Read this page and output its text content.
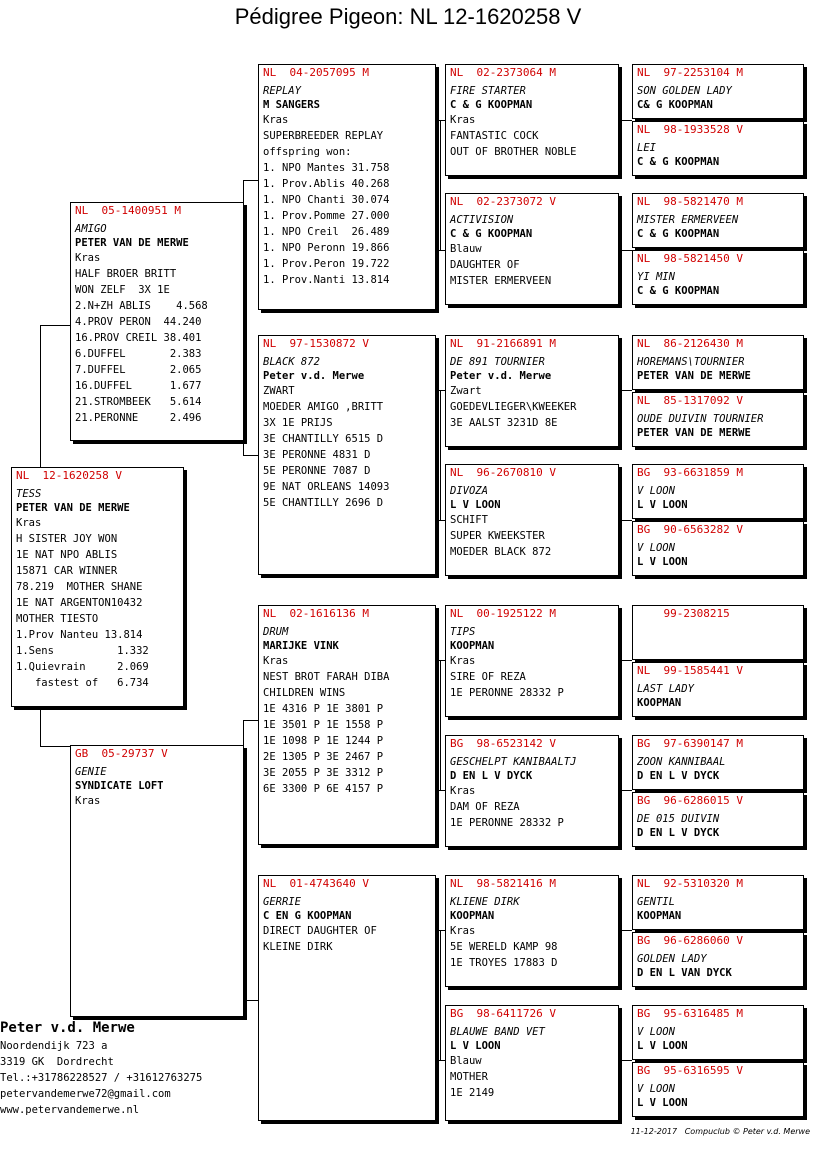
Pédigree Pigeon: NL 12-1620258 V
NL  12-1620258 V
TESS
PETER VAN DE MERWE
Kras
H SISTER JOY WON
1E NAT NPO ABLIS
15871 CAR WINNER
78.219  MOTHER SHANE
1E NAT ARGENTON10432
MOTHER TIESTO
1.Prov Nanteu 13.814
1.Sens          1.332
1.Quievrain     2.069
fastest of   6.734
NL  05-1400951 M
AMIGO
PETER VAN DE MERWE
Kras
HALF BROER BRITT
WON ZELF  3X 1E
2.N+ZH ABLIS    4.568
4.PROV PERON  44.240
16.PROV CREIL 38.401
6.DUFFEL       2.383
7.DUFFEL       2.065
16.DUFFEL      1.677
21.STROMBEEK   5.614
21.PERONNE     2.496
GB  05-29737 V
GENIE
SYNDICATE LOFT
Kras
NL  04-2057095 M
REPLAY
M SANGERS
Kras
SUPERBREEDER REPLAY
offspring won:
1. NPO Mantes 31.758
1. Prov.Ablis 40.268
1. NPO Chanti 30.074
1. Prov.Pomme 27.000
1. NPO Creil  26.489
1. NPO Peronn 19.866
1. Prov.Peron 19.722
1. Prov.Nanti 13.814
NL  97-1530872 V
BLACK 872
Peter v.d. Merwe
ZWART
MOEDER AMIGO ,BRITT
3X 1E PRIJS
3E CHANTILLY 6515 D
3E PERONNE 4831 D
5E PERONNE 7087 D
9E NAT ORLEANS 14093
5E CHANTILLY 2696 D
NL  02-1616136 M
DRUM
MARIJKE VINK
Kras
NEST BROT FARAH DIBA
CHILDREN WINS
1E 4316 P 1E 3801 P
1E 3501 P 1E 1558 P
1E 1098 P 1E 1244 P
2E 1305 P 3E 2467 P
3E 2055 P 3E 3312 P
6E 3300 P 6E 4157 P
NL  01-4743640 V
GERRIE
C EN G KOOPMAN
DIRECT DAUGHTER OF
KLEINE DIRK
NL  02-2373064 M
FIRE STARTER
C & G KOOPMAN
Kras
FANTASTIC COCK
OUT OF BROTHER NOBLE
NL  02-2373072 V
ACTIVISION
C & G KOOPMAN
Blauw
DAUGHTER OF
MISTER ERMERVEEN
NL  91-2166891 M
DE 891 TOURNIER
Peter v.d. Merwe
Zwart
GOEDEVLIEGER\KWEEKER
3E AALST 3231D 8E
NL  96-2670810 V
DIVOZA
L V LOON
SCHIFT
SUPER KWEEKSTER
MOEDER BLACK 872
NL  00-1925122 M
TIPS
KOOPMAN
Kras
SIRE OF REZA
1E PERONNE 28332 P
BG  98-6523142 V
GESCHELPT KANIBAALTJ
D EN L V DYCK
Kras
DAM OF REZA
1E PERONNE 28332 P
NL  98-5821416 M
KLIENE DIRK
KOOPMAN
Kras
5E WERELD KAMP 98
1E TROYES 17883 D
BG  98-6411726 V
BLAUWE BAND VET
L V LOON
Blauw
MOTHER
1E 2149
NL  97-2253104 M
SON GOLDEN LADY
C& G KOOPMAN
NL  98-1933528 V
LEI
C & G KOOPMAN
NL  98-5821470 M
MISTER ERMERVEEN
C & G KOOPMAN
NL  98-5821450 V
YI MIN
C & G KOOPMAN
NL  86-2126430 M
HOREMANS\TOURNIER
PETER VAN DE MERWE
NL  85-1317092 V
OUDE DUIVIN TOURNIER
PETER VAN DE MERWE
BG  93-6631859 M
V LOON
L V LOON
BG  90-6563282 V
V LOON
L V LOON
99-2308215
NL  99-1585441 V
LAST LADY
KOOPMAN
BG  97-6390147 M
ZOON KANNIBAAL
D EN L V DYCK
BG  96-6286015 V
DE 015 DUIVIN
D EN L V DYCK
NL  92-5310320 M
GENTIL
KOOPMAN
BG  96-6286060 V
GOLDEN LADY
D EN L VAN DYCK
BG  95-6316485 M
V LOON
L V LOON
BG  95-6316595 V
V LOON
L V LOON
Peter v.d. Merwe
Noordendijk 723 a
3319 GK  Dordrecht
Tel.:+31786228527 / +31612763275
petervandemerwe72@gmail.com
www.petervandemerwe.nl
11-12-2017   Compuclub © Peter v.d. Merwe
